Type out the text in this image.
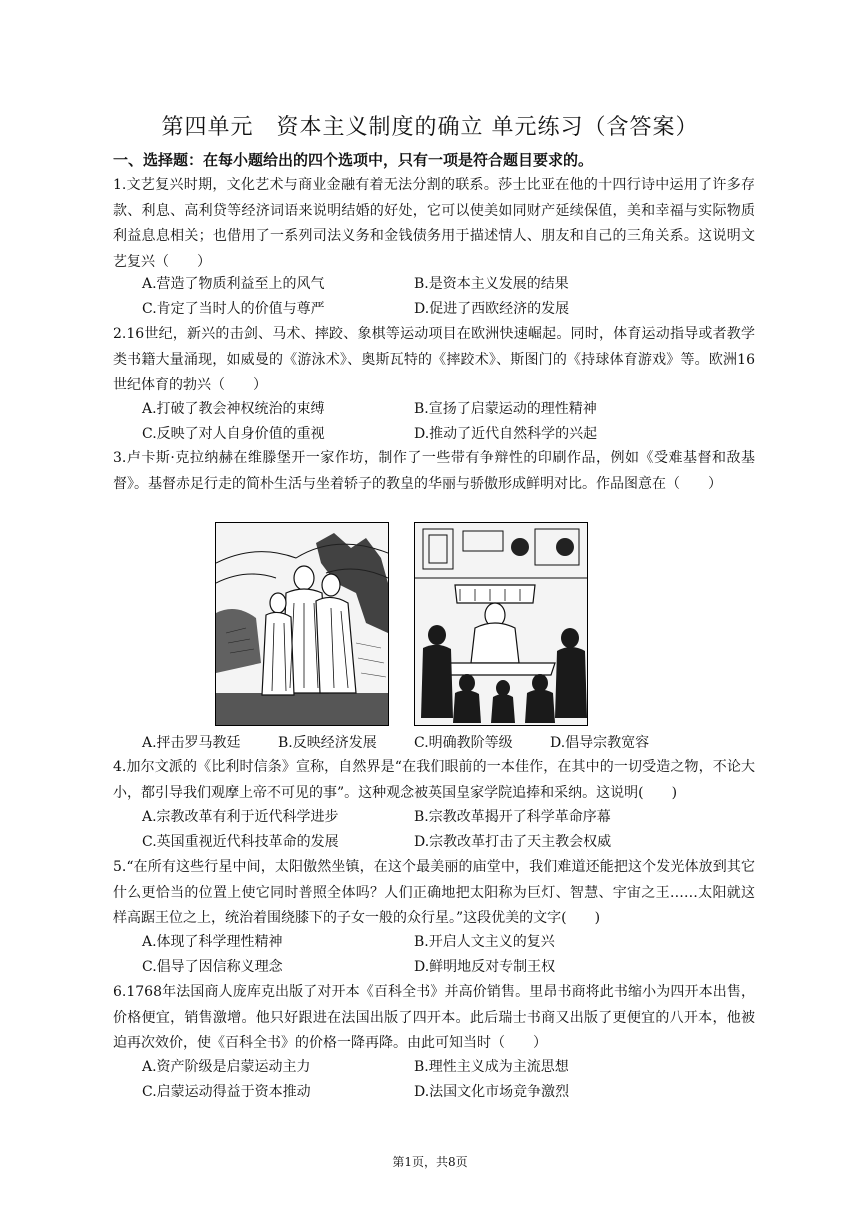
第四单元　资本主义制度的确立 单元练习（含答案）
一、选择题：在每小题给出的四个选项中，只有一项是符合题目要求的。
1.文艺复兴时期，文化艺术与商业金融有着无法分割的联系。莎士比亚在他的十四行诗中运用了许多存款、利息、高利贷等经济词语来说明结婚的好处，它可以使美如同财产延续保值，美和幸福与实际物质利益息息相关；也借用了一系列司法义务和金钱债务用于描述情人、朋友和自己的三角关系。这说明文艺复兴（　　）
A.营造了物质利益至上的风气	B.是资本主义发展的结果
C.肯定了当时人的价值与尊严	D.促进了西欧经济的发展
2.16世纪，新兴的击剑、马术、摔跤、象棋等运动项目在欧洲快速崛起。同时，体育运动指导或者教学类书籍大量涌现，如威曼的《游泳术》、奥斯瓦特的《摔跤术》、斯图门的《持球体育游戏》等。欧洲16世纪体育的勃兴（　　）
A.打破了教会神权统治的束缚	B.宣扬了启蒙运动的理性精神
C.反映了对人自身价值的重视	D.推动了近代自然科学的兴起
3.卢卡斯·克拉纳赫在维滕堡开一家作坊，制作了一些带有争辩性的印刷作品，例如《受难基督和敌基督》。基督赤足行走的简朴生活与坐着轿子的教皇的华丽与骄傲形成鲜明对比。作品图意在（　　）
A.抨击罗马教廷	B.反映经济发展	C.明确教阶等级	D.倡导宗教宽容
4.加尔文派的《比利时信条》宣称，自然界是“在我们眼前的一本佳作，在其中的一切受造之物，不论大小，都引导我们观摩上帝不可见的事”。这种观念被英国皇家学院追捧和采纳。这说明(　　)
A.宗教改革有利于近代科学进步	B.宗教改革揭开了科学革命序幕
C.英国重视近代科技革命的发展	D.宗教改革打击了天主教会权威
5.“在所有这些行星中间，太阳傲然坐镇，在这个最美丽的庙堂中，我们难道还能把这个发光体放到其它什么更恰当的位置上使它同时普照全体吗？人们正确地把太阳称为巨灯、智慧、宇宙之王……太阳就这样高踞王位之上，统治着围绕膝下的子女一般的众行星。”这段优美的文字(　　)
A.体现了科学理性精神	B.开启人文主义的复兴
C.倡导了因信称义理念	D.鲜明地反对专制王权
6.1768年法国商人庞库克出版了对开本《百科全书》并高价销售。里昂书商将此书缩小为四开本出售，价格便宜，销售激增。他只好跟进在法国出版了四开本。此后瑞士书商又出版了更便宜的八开本，他被迫再次效价，使《百科全书》的价格一降再降。由此可知当时（　　）
A.资产阶级是启蒙运动主力	B.理性主义成为主流思想
C.启蒙运动得益于资本推动	D.法国文化市场竞争激烈
第1页，共8页
